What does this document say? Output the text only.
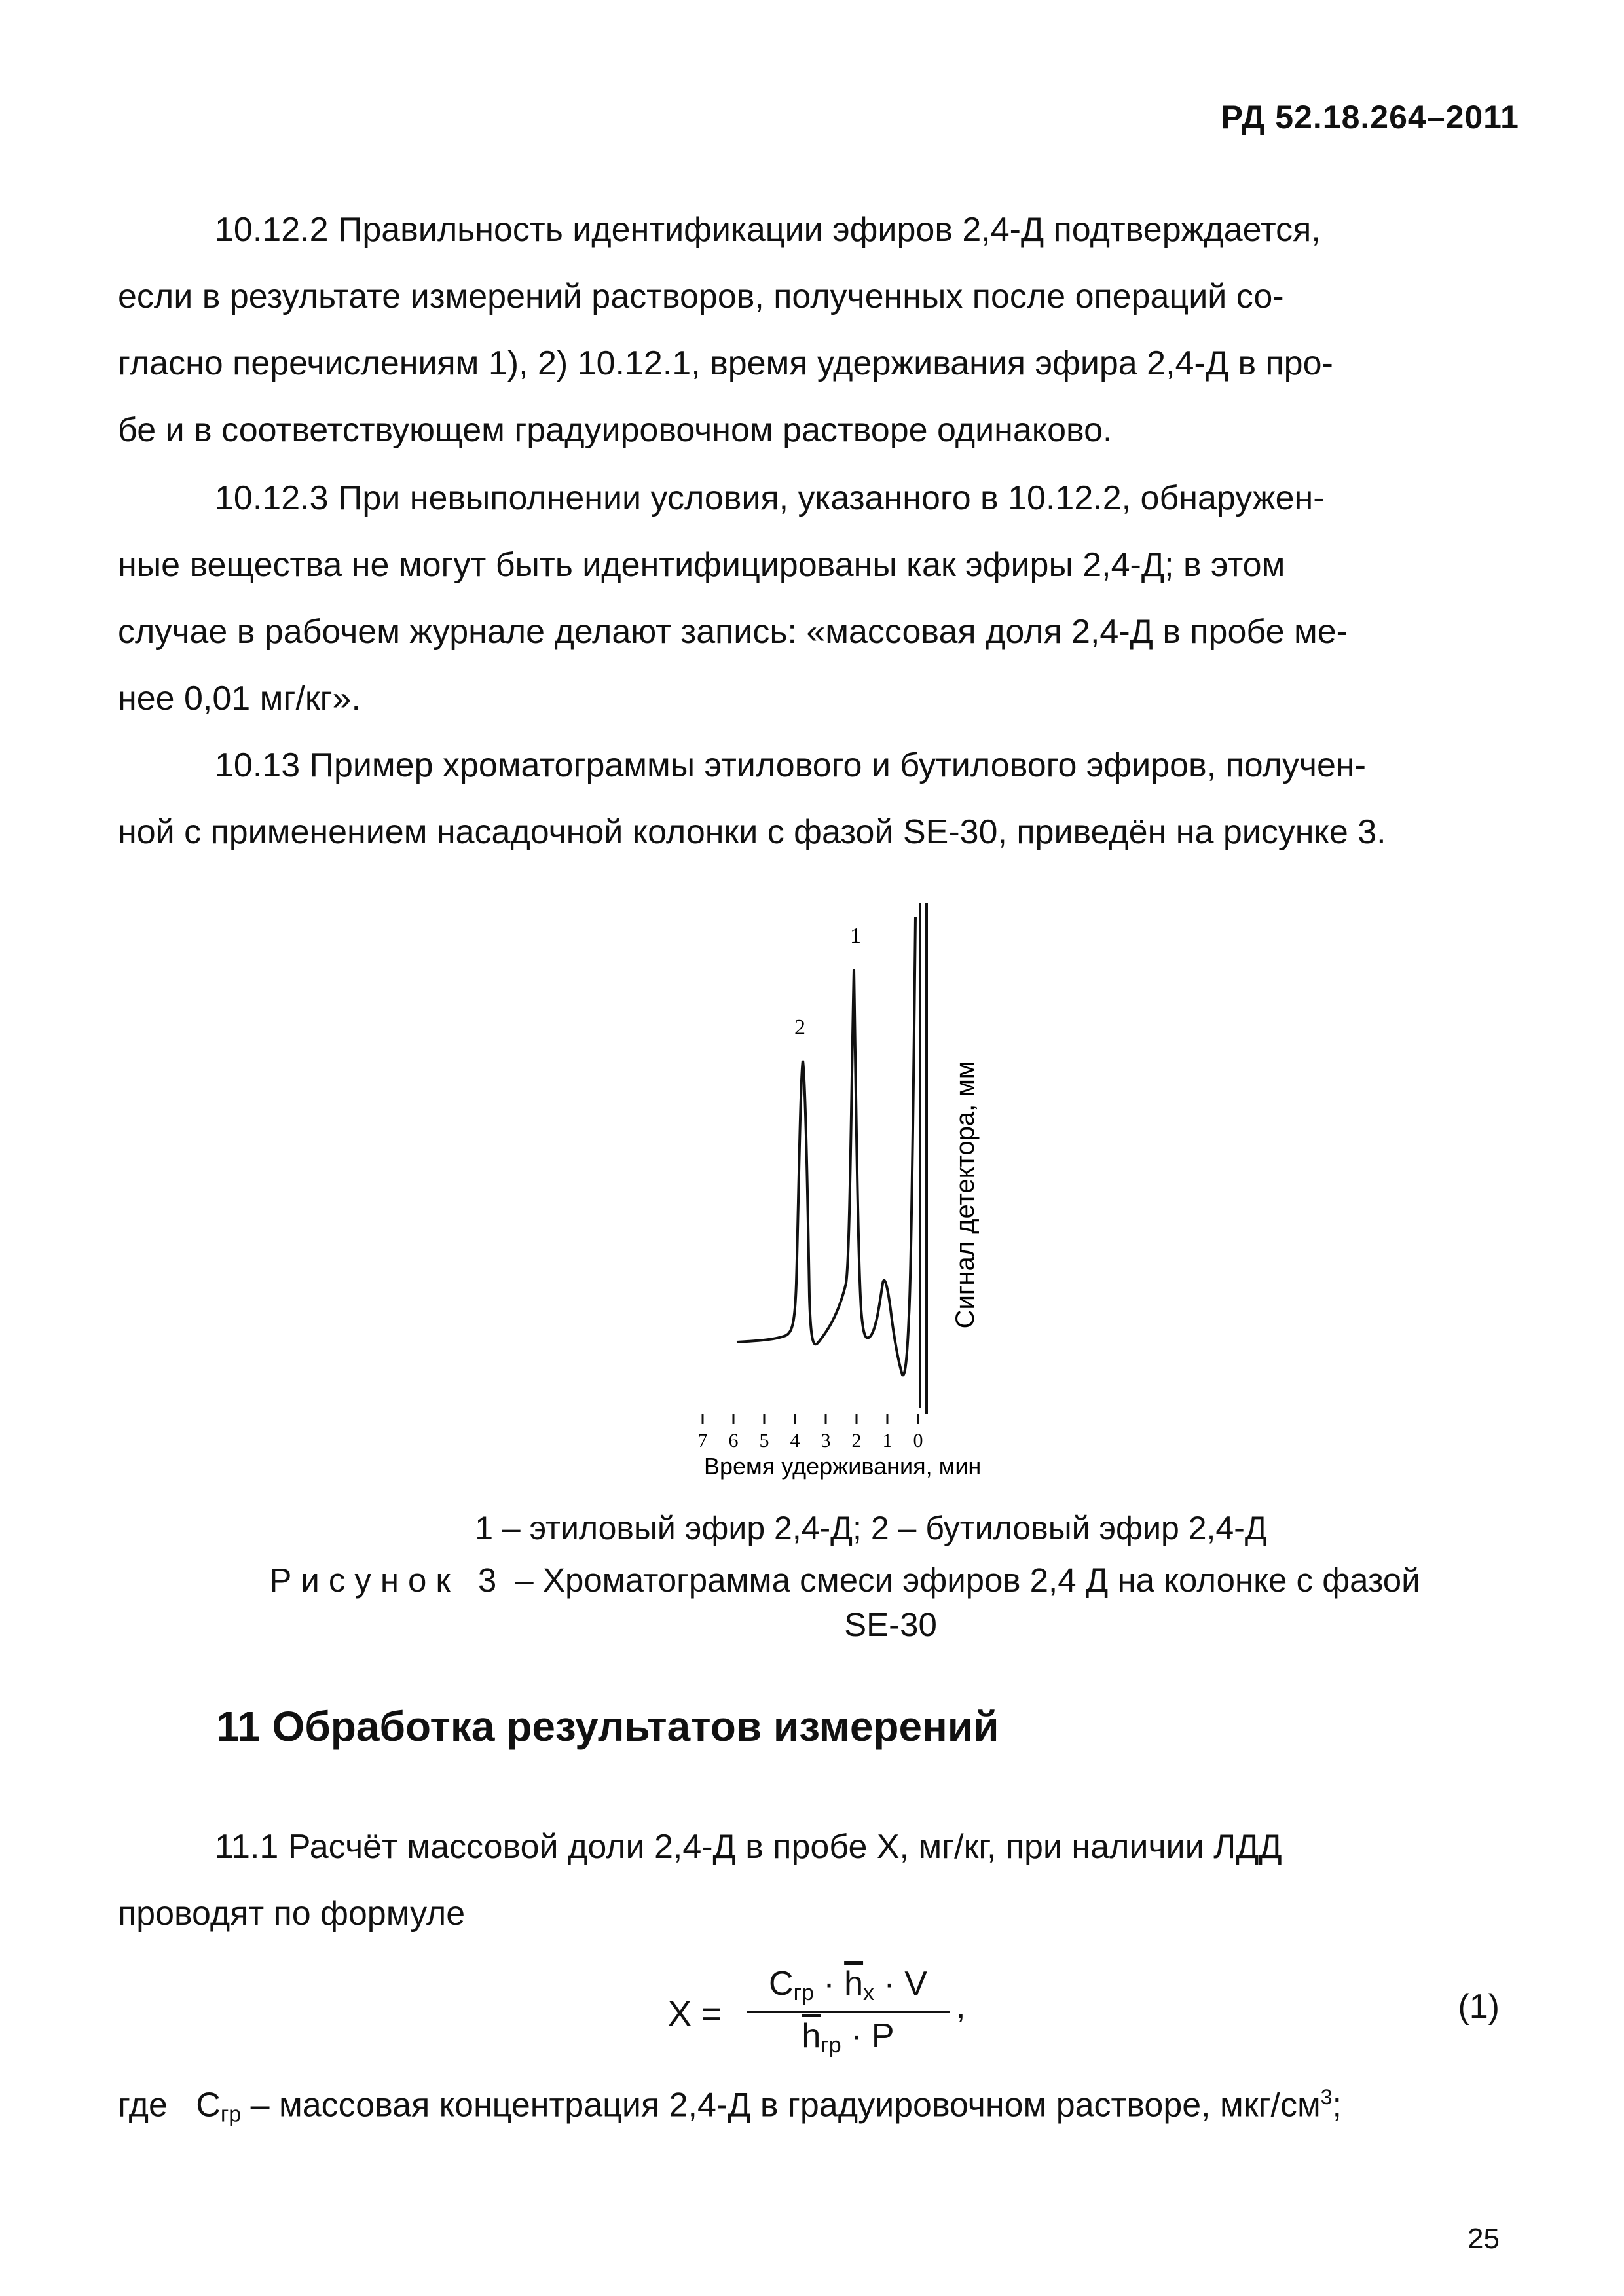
РД 52.18.264–2011
10.12.2 Правильность идентификации эфиров 2,4-Д подтверждается,
если в результате измерений растворов, полученных после операций со-
гласно перечислениям 1), 2) 10.12.1, время удерживания эфира 2,4-Д в про-
бе и в соответствующем градуировочном растворе одинаково.
10.12.3 При невыполнении условия, указанного в 10.12.2, обнаружен-
ные вещества не могут быть идентифицированы как эфиры 2,4-Д; в этом
случае в рабочем журнале делают запись: «массовая доля 2,4-Д в пробе ме-
нее 0,01 мг/кг».
10.13 Пример хроматограммы этилового и бутилового эфиров, получен-
ной с применением насадочной колонки с фазой SE-30, приведён на рисунке 3.
1
2
7 6 5 4 3 2 1 0
Время удерживания, мин
Сигнал детектора, мм
1 – этиловый эфир 2,4-Д; 2 – бутиловый эфир 2,4-Д
Рисунок 3 – Хроматограмма смеси эфиров 2,4 Д на колонке с фазой
SE-30
11 Обработка результатов измерений
11.1 Расчёт массовой доли 2,4-Д в пробе Х, мг/кг, при наличии ЛДД
проводят по формуле
X =
$C_{гр} \cdot \overline{h}_x \cdot V$
$\overline{h}_{гр} \cdot P$
,	(1)
где $C_{гр}$ – массовая концентрация 2,4-Д в градуировочном растворе, мкг/$см^3$;
25
